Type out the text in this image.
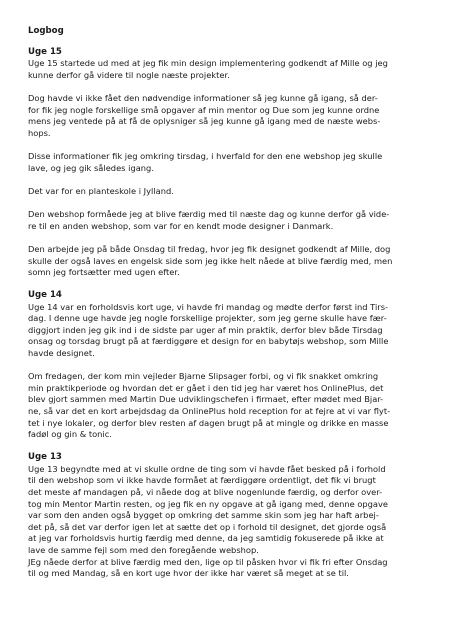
Logbog

Uge 15

Uge 15 startede ud med at jeg fik min design implementering godkendt af Mille og jeg
kunne derfor gå videre til nogle næste projekter.

Dog havde vi ikke fået den nødvendige informationer så jeg kunne gå igang, så der-
for fik jeg nogle forskellige små opgaver af min mentor og Due som jeg kunne ordne
mens jeg ventede på at få de oplysniger så jeg kunne gå igang med de næste webs-
hops.

Disse informationer fik jeg omkring tirsdag, i hverfald for den ene webshop jeg skulle
lave, og jeg gik således igang.

Det var for en planteskole i Jylland.

Den webshop formåede jeg at blive færdig med til næste dag og kunne derfor gå vide-
re til en anden webshop, som var for en kendt mode designer i Danmark.

Den arbejde jeg på både Onsdag til fredag, hvor jeg fik designet godkendt af Mille, dog
skulle der også laves en engelsk side som jeg ikke helt nåede at blive færdig med, men
somn jeg fortsætter med ugen efter.

Uge 14

Uge 14 var en forholdsvis kort uge, vi havde fri mandag og mødte derfor først ind Tirs-
dag. I denne uge havde jeg nogle forskellige projekter, som jeg gerne skulle have fær-
diggjort inden jeg gik ind i de sidste par uger af min praktik, derfor blev både Tirsdag
onsag og torsdag brugt på at færdiggøre et design for en babytøjs webshop, som Mille
havde designet.

Om fredagen, der kom min vejleder Bjarne Slipsager forbi, og vi fik snakket omkring
min praktikperiode og hvordan det er gået i den tid jeg har været hos OnlinePlus, det
blev gjort sammen med Martin Due udviklingschefen i firmaet, efter mødet med Bjar-
ne, så var det en kort arbejdsdag da OnlinePlus hold reception for at fejre at vi var flyt-
tet i nye lokaler, og derfor blev resten af dagen brugt på at mingle og drikke en masse
fadøl og gin & tonic.

Uge 13

Uge 13 begyndte med at vi skulle ordne de ting som vi havde fået besked på i forhold
til den webshop som vi ikke havde formået at færdiggøre ordentligt, det fik vi brugt
det meste af mandagen på, vi nåede dog at blive nogenlunde færdig, og derfor over-
tog min Mentor Martin resten, og jeg fik en ny opgave at gå igang med, denne opgave
var som den anden også bygget op omkring det samme skin som jeg har haft arbej-
det på, så det var derfor igen let at sætte det op i forhold til designet, det gjorde også
at jeg var forholdsvis hurtig færdig med denne, da jeg samtidig fokuserede på ikke at
lave de samme fejl som med den foregående webshop.
JEg nåede derfor at blive færdig med den, lige op til påsken hvor vi fik fri efter Onsdag
til og med Mandag, så en kort uge hvor der ikke har været så meget at se til.
